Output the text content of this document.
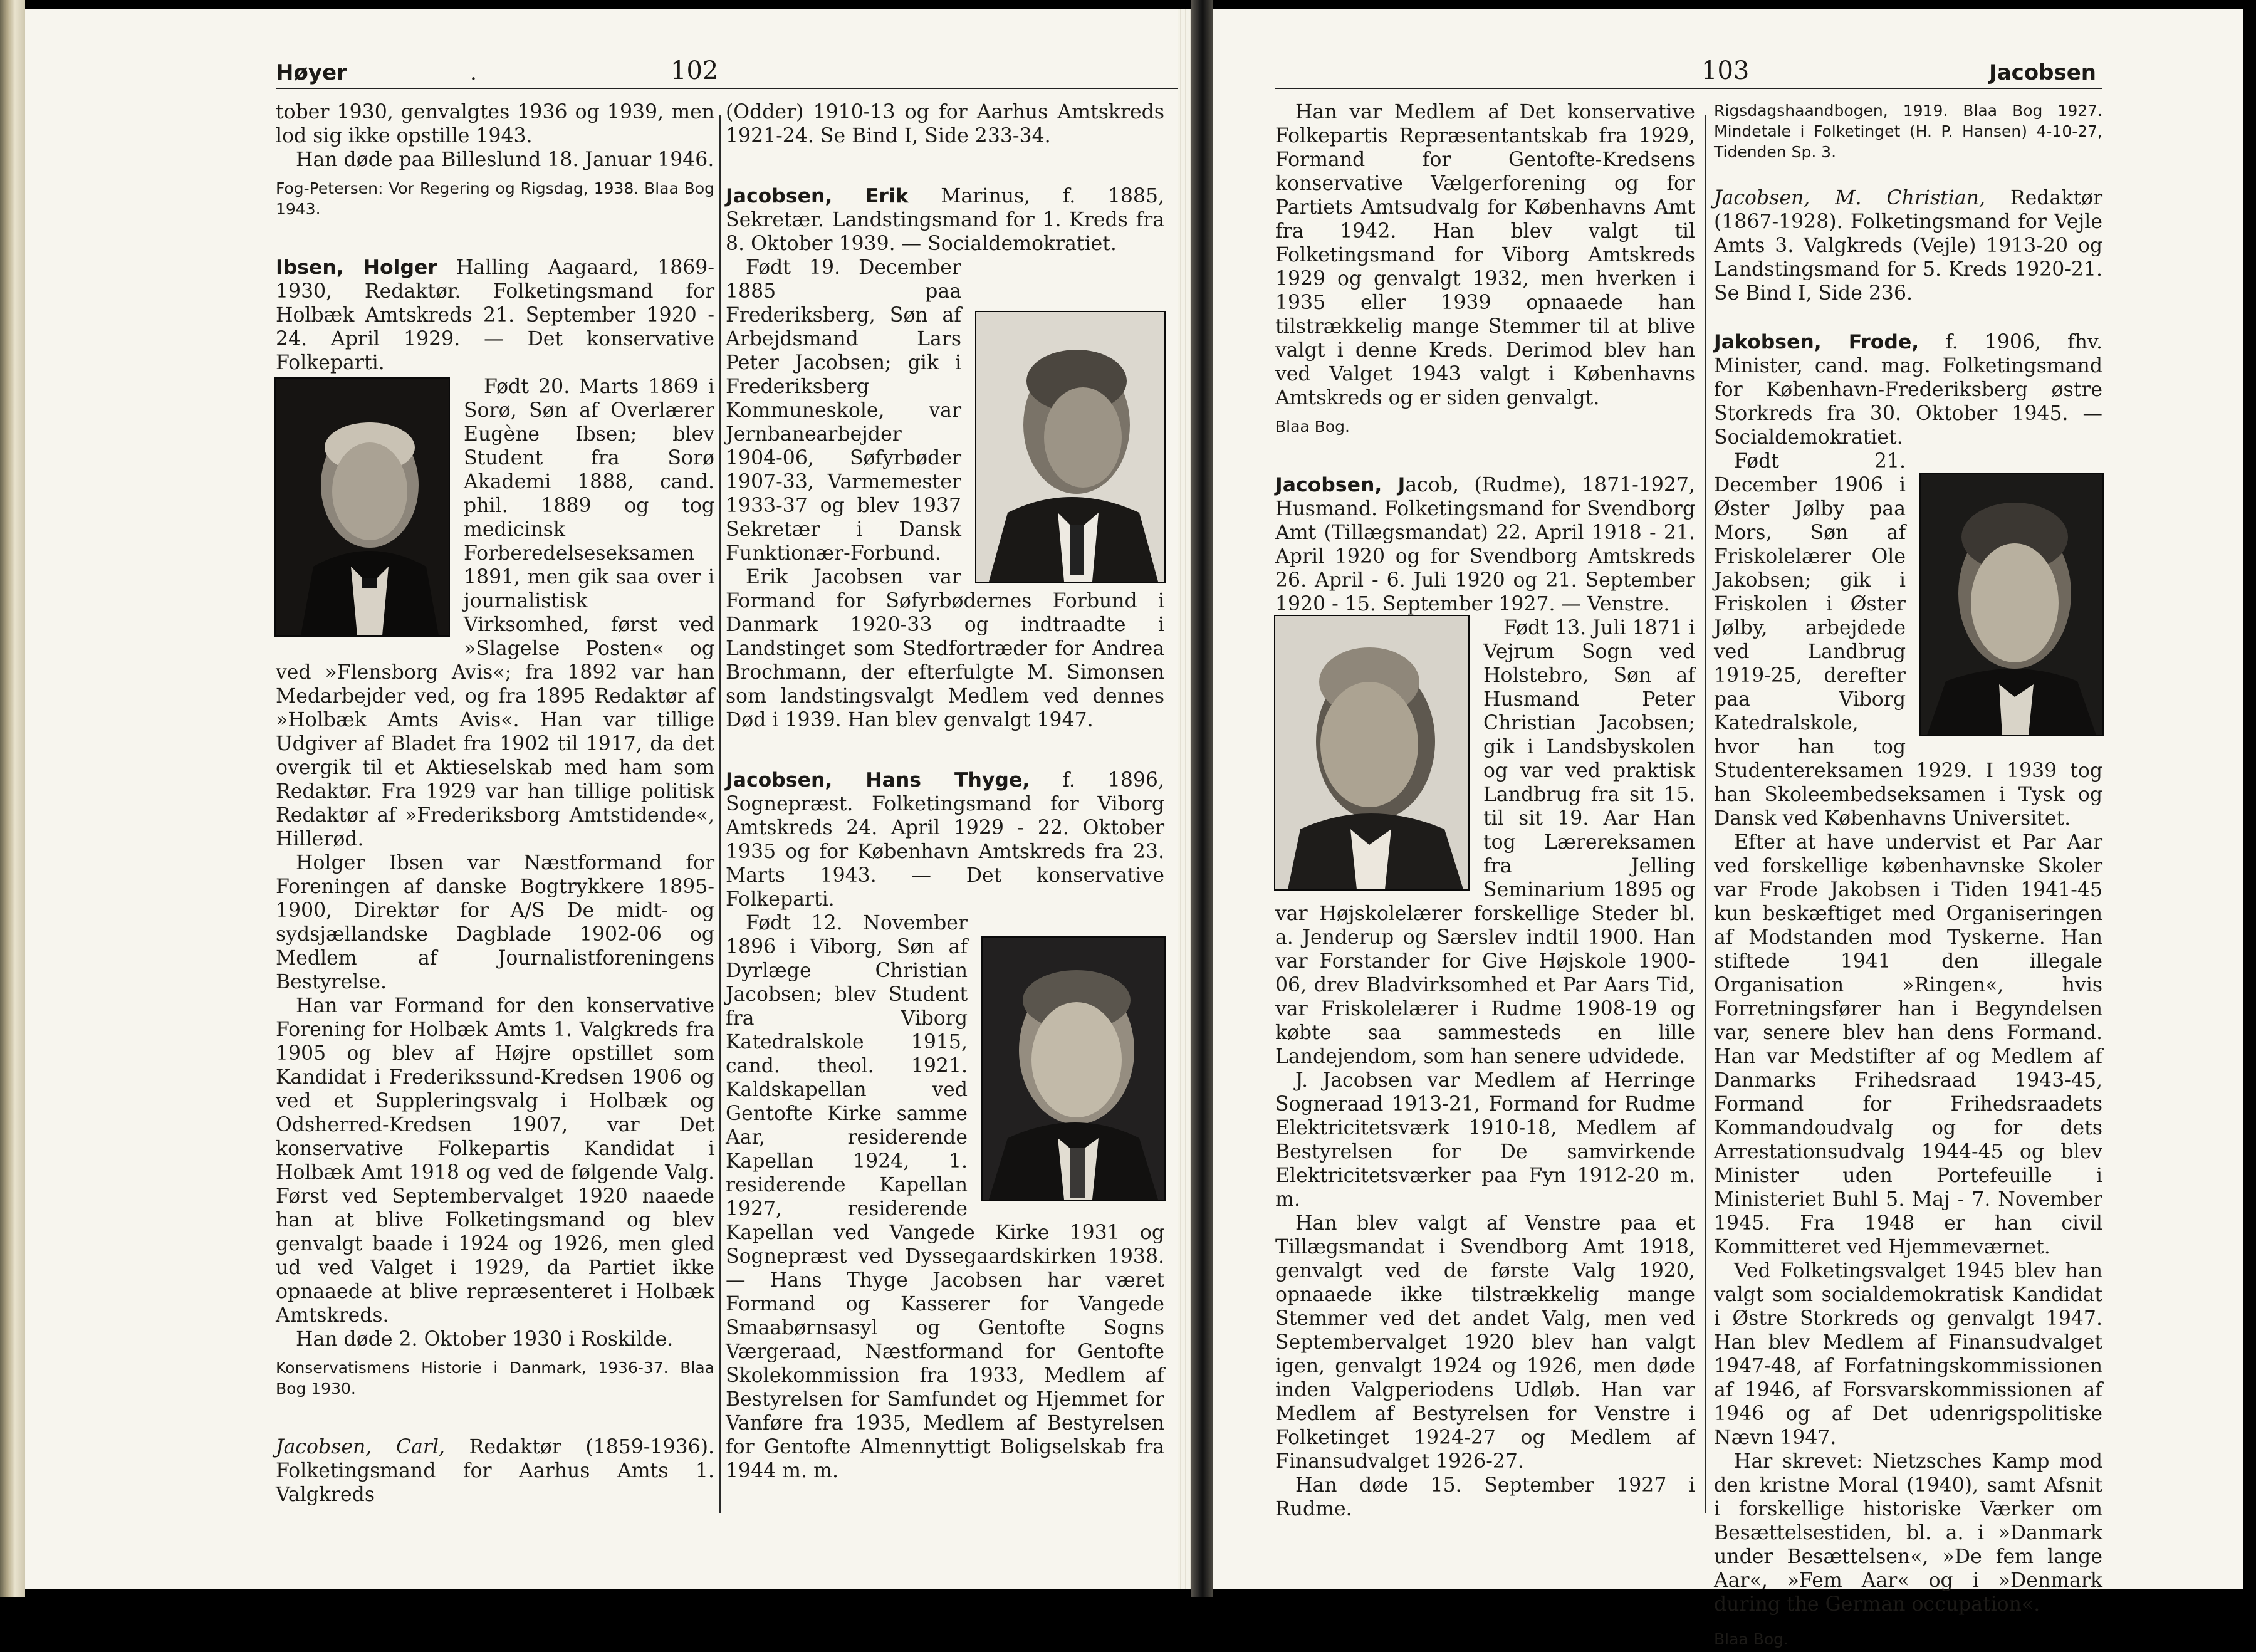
Høyer	.	102

tober 1930, genvalgtes 1936 og 1939, men lod sig ikke opstille 1943.

Han døde paa Billeslund 18. Januar 1946.

Fog-Petersen: Vor Regering og Rigsdag, 1938. Blaa Bog 1943.

Ibsen, Holger Halling Aagaard, 1869-1930, Redaktør. Folketingsmand for Holbæk Amtskreds 21. September 1920 - 24. April 1929. — Det konservative Folkeparti.

Født 20. Marts 1869 i Sorø, Søn af Overlærer Eugène Ibsen; blev Student fra Sorø Akademi 1888, cand. phil. 1889 og tog medicinsk Forberedelseseksamen 1891, men gik saa over i journalistisk Virksomhed, først ved »Slagelse Posten« og ved »Flensborg Avis«; fra 1892 var han Medarbejder ved, og fra 1895 Redaktør af »Holbæk Amts Avis«. Han var tillige Udgiver af Bladet fra 1902 til 1917, da det overgik til et Aktieselskab med ham som Redaktør. Fra 1929 var han tillige politisk Redaktør af »Frederiksborg Amtstidende«, Hillerød.

Holger Ibsen var Næstformand for Foreningen af danske Bogtrykkere 1895-1900, Direktør for A/S De midt- og sydsjællandske Dagblade 1902-06 og Medlem af Journalistforeningens Bestyrelse.

Han var Formand for den konservative Forening for Holbæk Amts 1. Valgkreds fra 1905 og blev af Højre opstillet som Kandidat i Frederikssund-Kredsen 1906 og ved et Suppleringsvalg i Holbæk og Odsherred-Kredsen 1907, var Det konservative Folkepartis Kandidat i Holbæk Amt 1918 og ved de følgende Valg. Først ved Septembervalget 1920 naaede han at blive Folketingsmand og blev genvalgt baade i 1924 og 1926, men gled ud ved Valget i 1929, da Partiet ikke opnaaede at blive repræsenteret i Holbæk Amtskreds.

Han døde 2. Oktober 1930 i Roskilde.

Konservatismens Historie i Danmark, 1936-37. Blaa Bog 1930.

Jacobsen, Carl, Redaktør (1859-1936). Folketingsmand for Aarhus Amts 1. Valgkreds

(Odder) 1910-13 og for Aarhus Amtskreds 1921-24. Se Bind I, Side 233-34.

Jacobsen, Erik Marinus, f. 1885, Sekretær. Landstingsmand for 1. Kreds fra 8. Oktober 1939. — Socialdemokratiet.

Født 19. December 1885 paa Frederiksberg, Søn af Arbejdsmand Lars Peter Jacobsen; gik i Frederiksberg Kommuneskole, var Jernbanearbejder 1904-06, Søfyrbøder 1907-33, Varmemester 1933-37 og blev 1937 Sekretær i Dansk Funktionær-Forbund.

Erik Jacobsen var Formand for Søfyrbødernes Forbund i Danmark 1920-33 og indtraadte i Landstinget som Stedfortræder for Andrea Brochmann, der efterfulgte M. Simonsen som landstingsvalgt Medlem ved dennes Død i 1939. Han blev genvalgt 1947.

Jacobsen, Hans Thyge, f. 1896, Sognepræst. Folketingsmand for Viborg Amtskreds 24. April 1929 - 22. Oktober 1935 og for København Amtskreds fra 23. Marts 1943. — Det konservative Folkeparti.

Født 12. November 1896 i Viborg, Søn af Dyrlæge Christian Jacobsen; blev Student fra Viborg Katedralskole 1915, cand. theol. 1921. Kaldskapellan ved Gentofte Kirke samme Aar, residerende Kapellan 1924, 1. residerende Kapellan 1927, residerende Kapellan ved Vangede Kirke 1931 og Sognepræst ved Dyssegaardskirken 1938. — Hans Thyge Jacobsen har været Formand og Kasserer for Vangede Smaabørnsasyl og Gentofte Sogns Værgeraad, Næstformand for Gentofte Skolekommission fra 1933, Medlem af Bestyrelsen for Samfundet og Hjemmet for Vanføre fra 1935, Medlem af Bestyrelsen for Gentofte Almennyttigt Boligselskab fra 1944 m. m.

103	Jacobsen

Han var Medlem af Det konservative Folkepartis Repræsentantskab fra 1929, Formand for Gentofte-Kredsens konservative Vælgerforening og for Partiets Amtsudvalg for Københavns Amt fra 1942. Han blev valgt til Folketingsmand for Viborg Amtskreds 1929 og genvalgt 1932, men hverken i 1935 eller 1939 opnaaede han tilstrækkelig mange Stemmer til at blive valgt i denne Kreds. Derimod blev han ved Valget 1943 valgt i Københavns Amtskreds og er siden genvalgt.

Blaa Bog.

Jacobsen, Jacob, (Rudme), 1871-1927, Husmand. Folketingsmand for Svendborg Amt (Tillægsmandat) 22. April 1918 - 21. April 1920 og for Svendborg Amtskreds 26. April - 6. Juli 1920 og 21. September 1920 - 15. September 1927. — Venstre.

Født 13. Juli 1871 i Vejrum Sogn ved Holstebro, Søn af Husmand Peter Christian Jacobsen; gik i Landsbyskolen og var ved praktisk Landbrug fra sit 15. til sit 19. Aar Han tog Lærereksamen fra Jelling Seminarium 1895 og var Højskolelærer forskellige Steder bl. a. Jenderup og Særslev indtil 1900. Han var Forstander for Give Højskole 1900-06, drev Bladvirksomhed et Par Aars Tid, var Friskolelærer i Rudme 1908-19 og købte saa sammesteds en lille Landejendom, som han senere udvidede.

J. Jacobsen var Medlem af Herringe Sogneraad 1913-21, Formand for Rudme Elektricitetsværk 1910-18, Medlem af Bestyrelsen for De samvirkende Elektricitetsværker paa Fyn 1912-20 m. m.

Han blev valgt af Venstre paa et Tillægsmandat i Svendborg Amt 1918, genvalgt ved de første Valg 1920, opnaaede ikke tilstrækkelig mange Stemmer ved det andet Valg, men ved Septembervalget 1920 blev han valgt igen, genvalgt 1924 og 1926, men døde inden Valgperiodens Udløb. Han var Medlem af Bestyrelsen for Venstre i Folketinget 1924-27 og Medlem af Finansudvalget 1926-27.

Han døde 15. September 1927 i Rudme.

Rigsdagshaandbogen, 1919. Blaa Bog 1927. Mindetale i Folketinget (H. P. Hansen) 4-10-27, Tidenden Sp. 3.

Jacobsen, M. Christian, Redaktør (1867-1928). Folketingsmand for Vejle Amts 3. Valgkreds (Vejle) 1913-20 og Landstingsmand for 5. Kreds 1920-21. Se Bind I, Side 236.

Jakobsen, Frode, f. 1906, fhv. Minister, cand. mag. Folketingsmand for København-Frederiksberg østre Storkreds fra 30. Oktober 1945. — Socialdemokratiet.

Født 21. December 1906 i Øster Jølby paa Mors, Søn af Friskolelærer Ole Jakobsen; gik i Friskolen i Øster Jølby, arbejdede ved Landbrug 1919-25, derefter paa Viborg Katedralskole, hvor han tog Studentereksamen 1929. I 1939 tog han Skoleembedseksamen i Tysk og Dansk ved Københavns Universitet.

Efter at have undervist et Par Aar ved forskellige københavnske Skoler var Frode Jakobsen i Tiden 1941-45 kun beskæftiget med Organiseringen af Modstanden mod Tyskerne. Han stiftede 1941 den illegale Organisation »Ringen«, hvis Forretningsfører han i Begyndelsen var, senere blev han dens Formand. Han var Medstifter af og Medlem af Danmarks Frihedsraad 1943-45, Formand for Frihedsraadets Kommandoudvalg og for dets Arrestationsudvalg 1944-45 og blev Minister uden Portefeuille i Ministeriet Buhl 5. Maj - 7. November 1945. Fra 1948 er han civil Kommitteret ved Hjemmeværnet.

Ved Folketingsvalget 1945 blev han valgt som socialdemokratisk Kandidat i Østre Storkreds og genvalgt 1947. Han blev Medlem af Finansudvalget 1947-48, af Forfatningskommissionen af 1946, af Forsvarskommissionen af 1946 og af Det udenrigspolitiske Nævn 1947.

Har skrevet: Nietzsches Kamp mod den kristne Moral (1940), samt Afsnit i forskellige historiske Værker om Besættelsestiden, bl. a. i »Danmark under Besættelsen«, »De fem lange Aar«, »Fem Aar« og i »Denmark during the German occupation«.

Blaa Bog.
